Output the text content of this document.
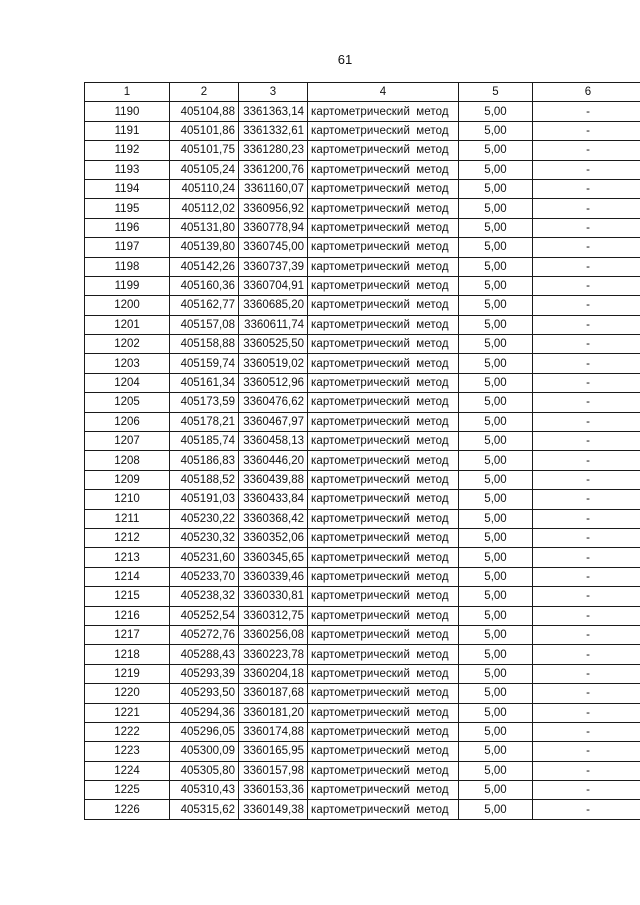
61
1	2	3	4	5	6
1190	405104,88	3361363,14	картометрический метод	5,00	-
1191	405101,86	3361332,61	картометрический метод	5,00	-
1192	405101,75	3361280,23	картометрический метод	5,00	-
1193	405105,24	3361200,76	картометрический метод	5,00	-
1194	405110,24	3361160,07	картометрический метод	5,00	-
1195	405112,02	3360956,92	картометрический метод	5,00	-
1196	405131,80	3360778,94	картометрический метод	5,00	-
1197	405139,80	3360745,00	картометрический метод	5,00	-
1198	405142,26	3360737,39	картометрический метод	5,00	-
1199	405160,36	3360704,91	картометрический метод	5,00	-
1200	405162,77	3360685,20	картометрический метод	5,00	-
1201	405157,08	3360611,74	картометрический метод	5,00	-
1202	405158,88	3360525,50	картометрический метод	5,00	-
1203	405159,74	3360519,02	картометрический метод	5,00	-
1204	405161,34	3360512,96	картометрический метод	5,00	-
1205	405173,59	3360476,62	картометрический метод	5,00	-
1206	405178,21	3360467,97	картометрический метод	5,00	-
1207	405185,74	3360458,13	картометрический метод	5,00	-
1208	405186,83	3360446,20	картометрический метод	5,00	-
1209	405188,52	3360439,88	картометрический метод	5,00	-
1210	405191,03	3360433,84	картометрический метод	5,00	-
1211	405230,22	3360368,42	картометрический метод	5,00	-
1212	405230,32	3360352,06	картометрический метод	5,00	-
1213	405231,60	3360345,65	картометрический метод	5,00	-
1214	405233,70	3360339,46	картометрический метод	5,00	-
1215	405238,32	3360330,81	картометрический метод	5,00	-
1216	405252,54	3360312,75	картометрический метод	5,00	-
1217	405272,76	3360256,08	картометрический метод	5,00	-
1218	405288,43	3360223,78	картометрический метод	5,00	-
1219	405293,39	3360204,18	картометрический метод	5,00	-
1220	405293,50	3360187,68	картометрический метод	5,00	-
1221	405294,36	3360181,20	картометрический метод	5,00	-
1222	405296,05	3360174,88	картометрический метод	5,00	-
1223	405300,09	3360165,95	картометрический метод	5,00	-
1224	405305,80	3360157,98	картометрический метод	5,00	-
1225	405310,43	3360153,36	картометрический метод	5,00	-
1226	405315,62	3360149,38	картометрический метод	5,00	-
